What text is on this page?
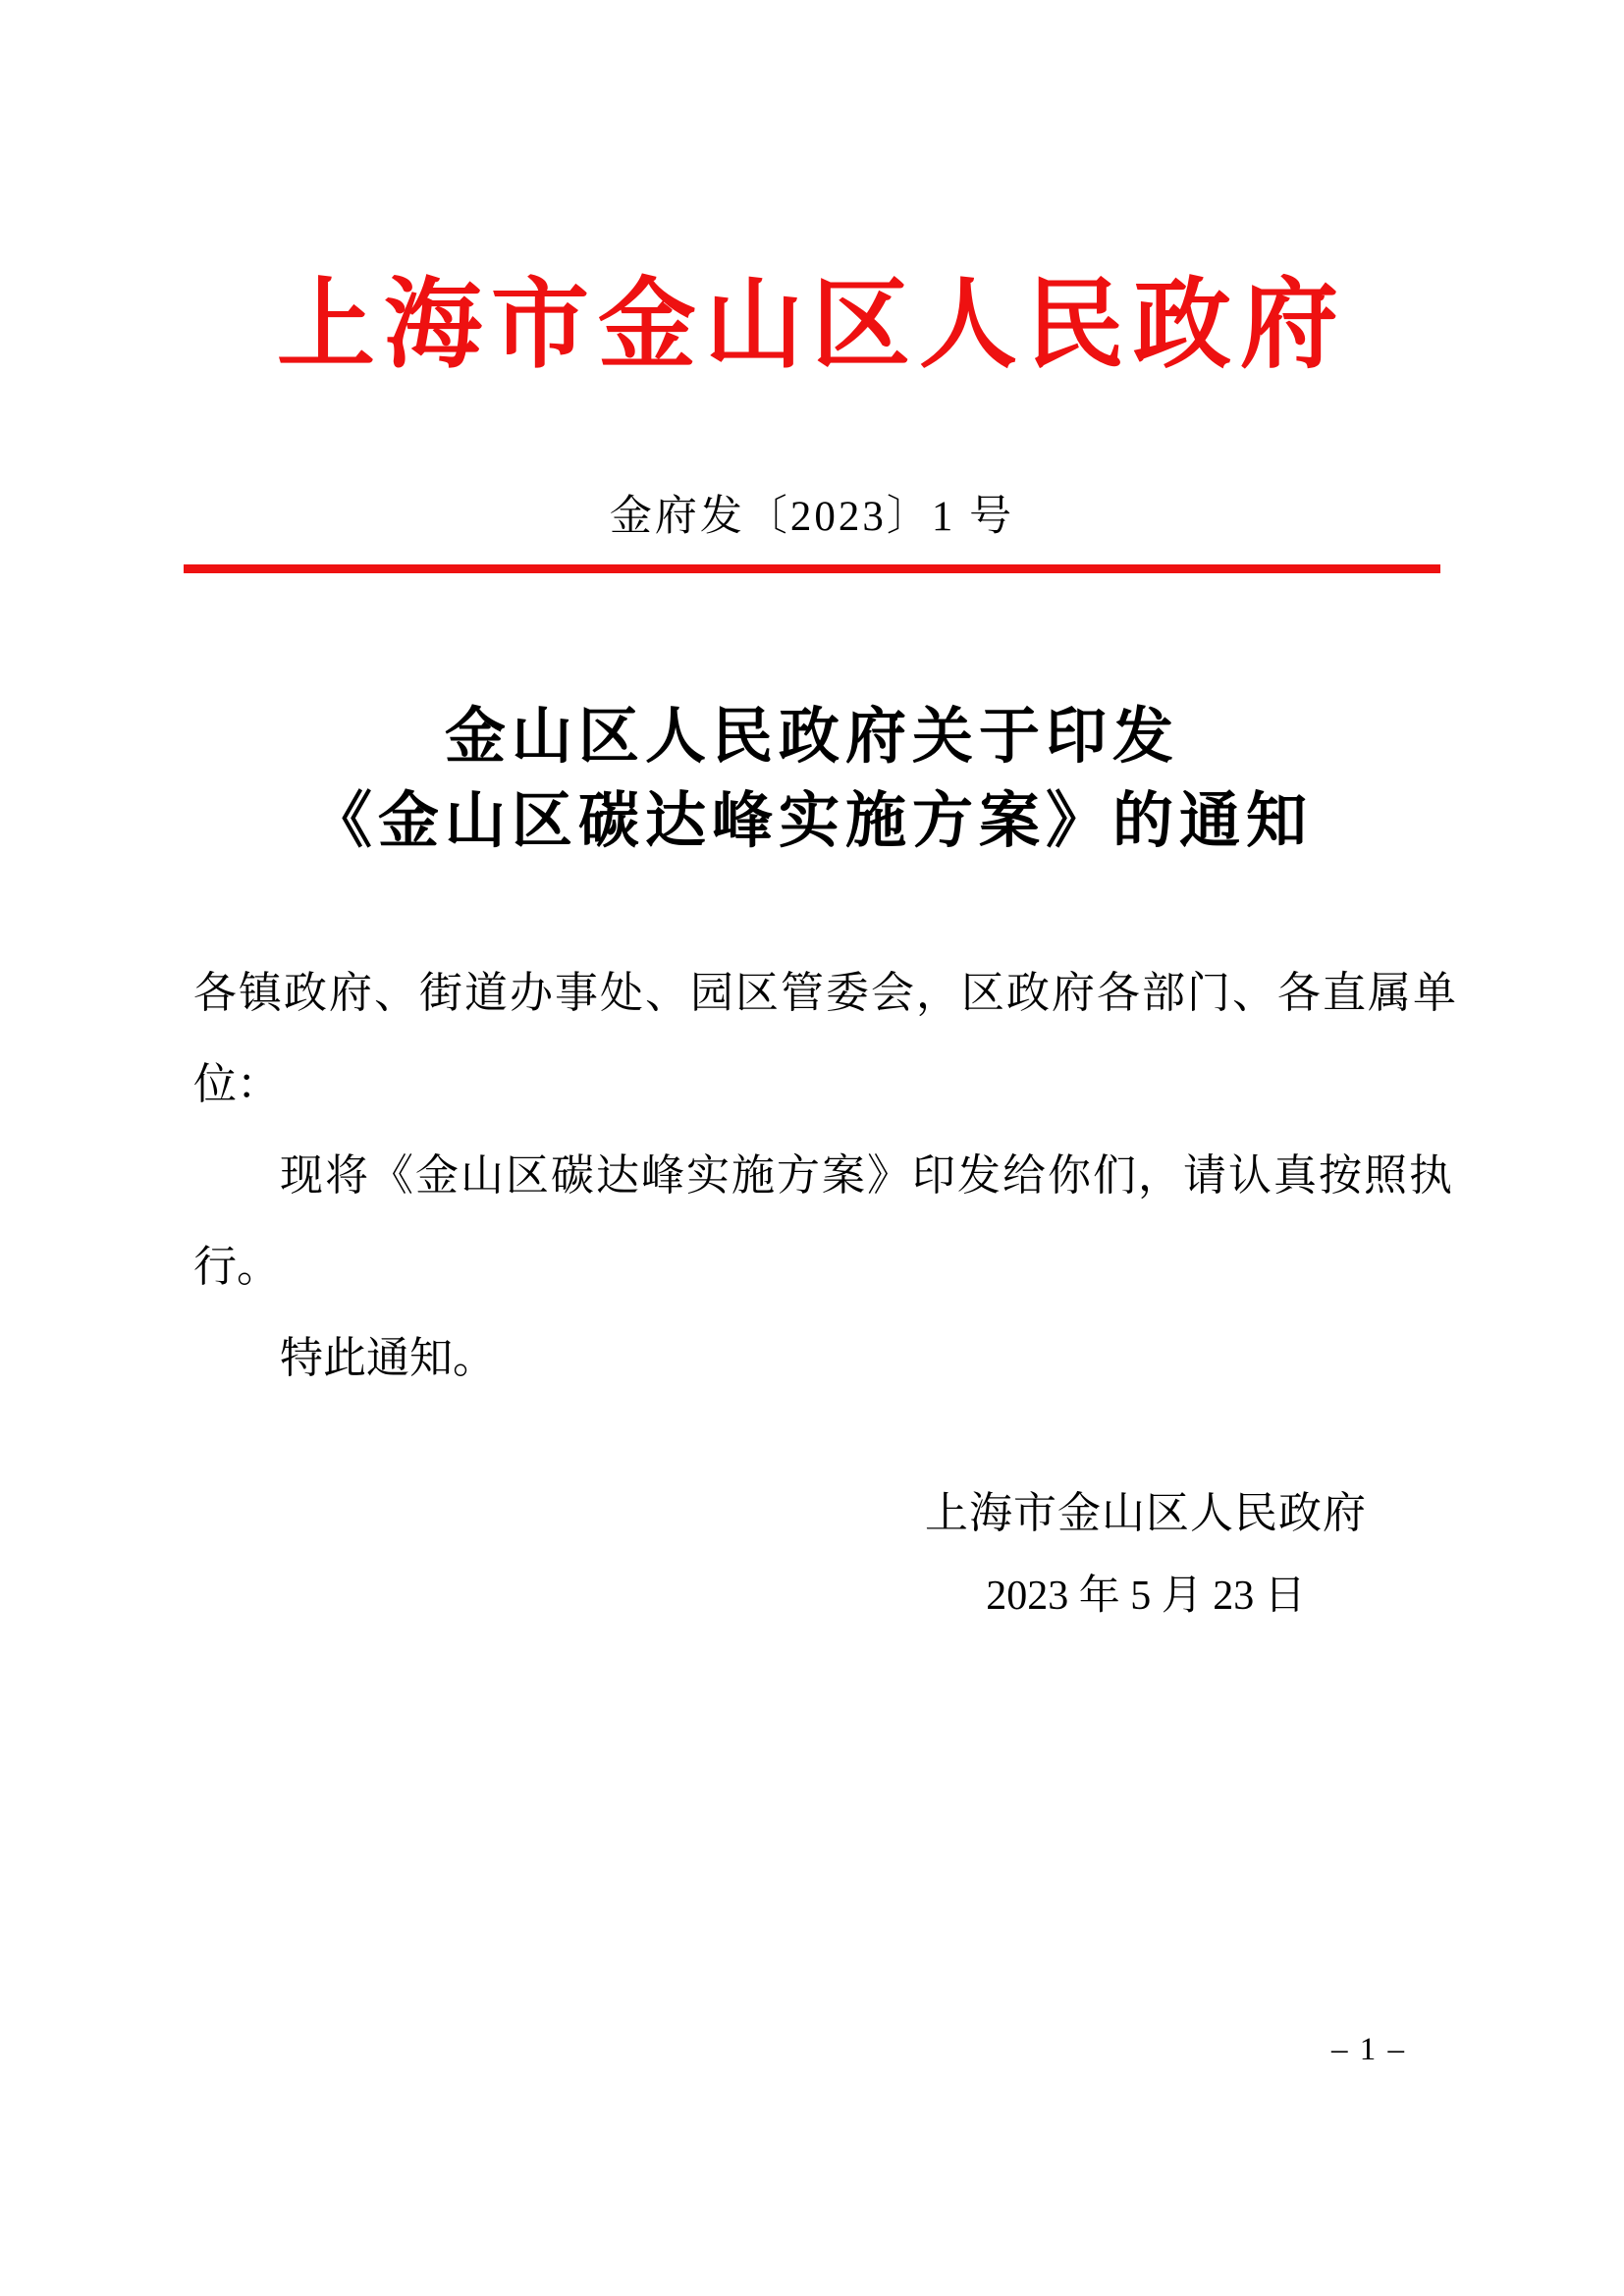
上海市金山区人民政府
金府发〔2023〕1 号
金山区人民政府关于印发
《金山区碳达峰实施方案》的通知
各镇政府、街道办事处、园区管委会，区政府各部门、各直属单
位：
现将《金山区碳达峰实施方案》印发给你们，请认真按照执
行。
特此通知。
上海市金山区人民政府
2023 年 5 月 23 日
– 1 –
